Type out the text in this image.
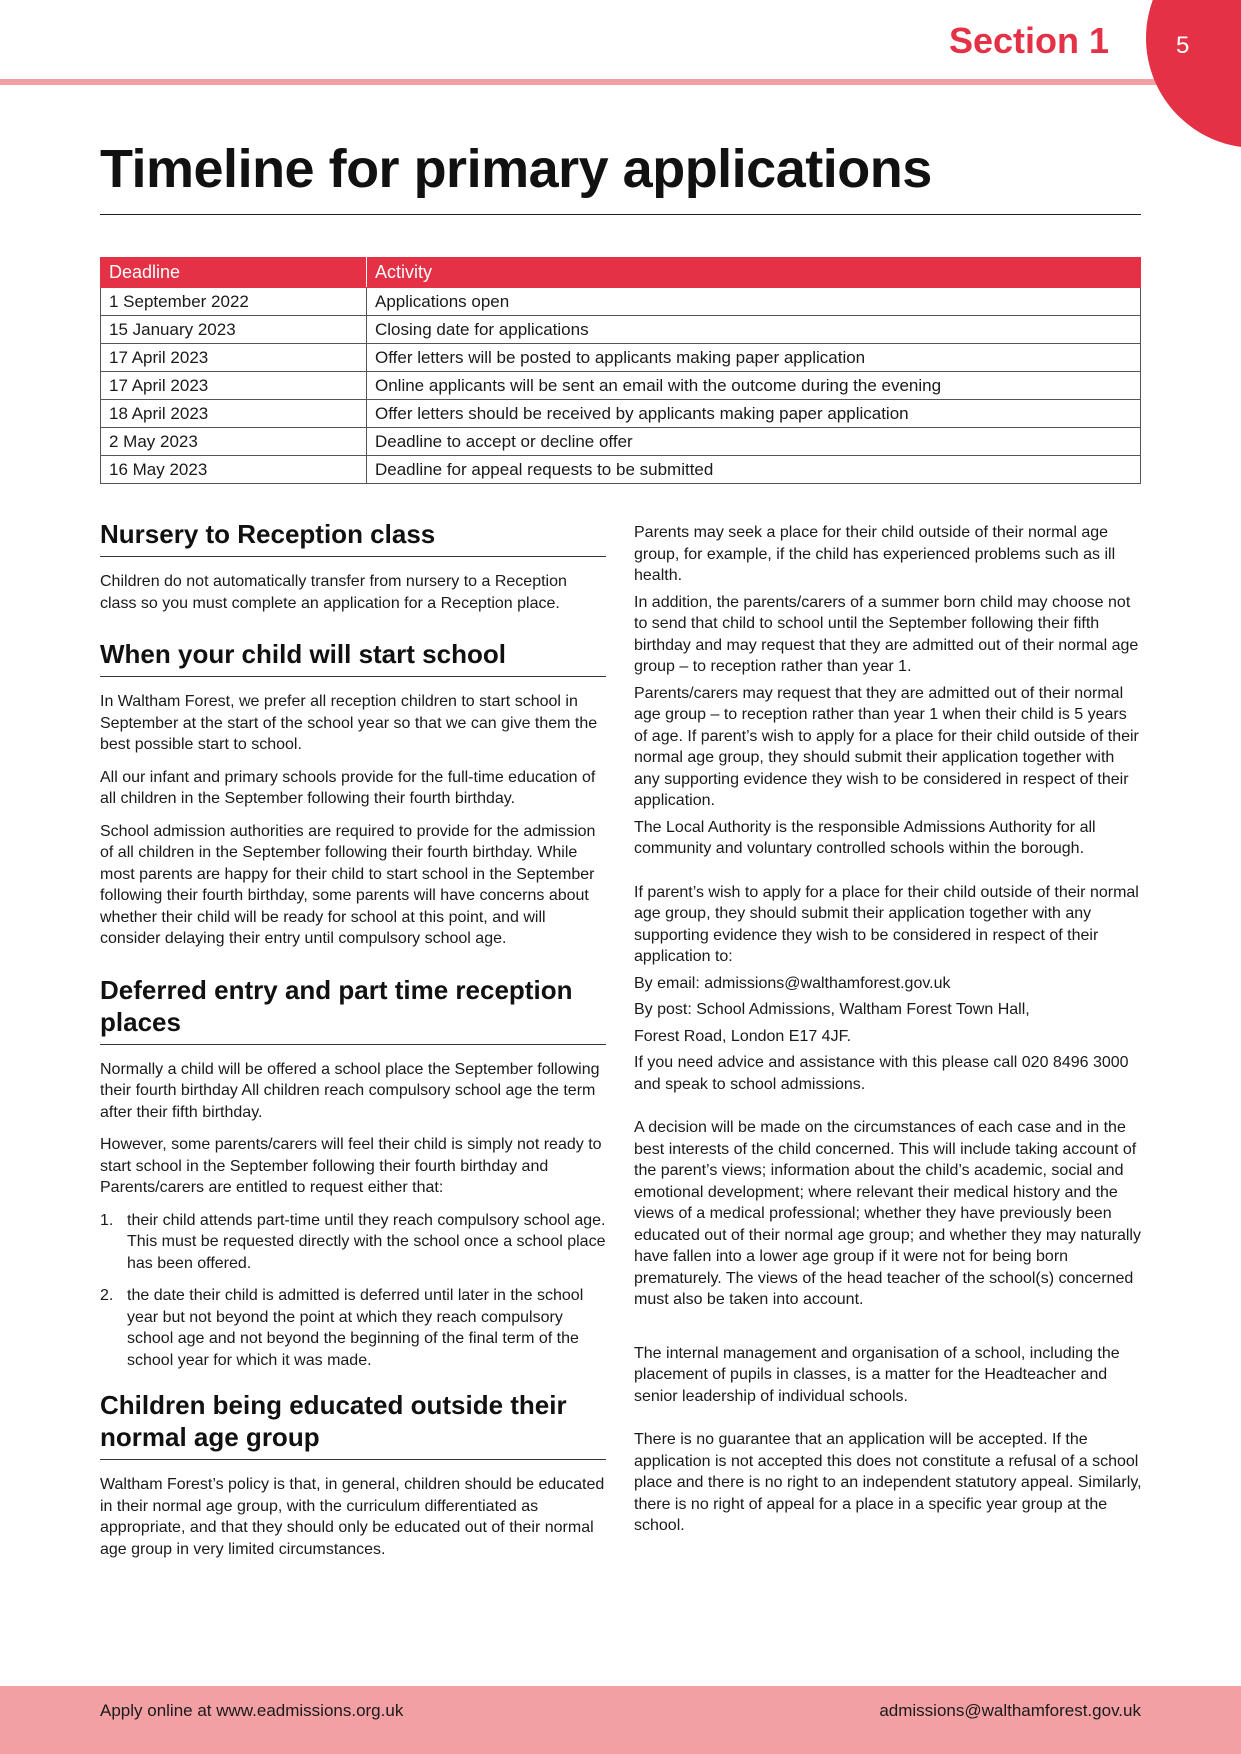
Section 1	5
Timeline for primary applications
Deadline	Activity
1 September 2022	Applications open
15 January 2023	Closing date for applications
17 April 2023	Offer letters will be posted to applicants making paper application
17 April 2023	Online applicants will be sent an email with the outcome during the evening
18 April 2023	Offer letters should be received by applicants making paper application
2 May 2023	Deadline to accept or decline offer
16 May 2023	Deadline for appeal requests to be submitted
Nursery to Reception class

Children do not automatically transfer from nursery to a Reception class so you must complete an application for a Reception place.

When your child will start school

In Waltham Forest, we prefer all reception children to start school in September at the start of the school year so that we can give them the best possible start to school.

All our infant and primary schools provide for the full-time education of all children in the September following their fourth birthday.

School admission authorities are required to provide for the admission of all children in the September following their fourth birthday. While most parents are happy for their child to start school in the September following their fourth birthday, some parents will have concerns about whether their child will be ready for school at this point, and will consider delaying their entry until compulsory school age.

Deferred entry and part time reception places

Normally a child will be offered a school place the September following their fourth birthday All children reach compulsory school age the term after their fifth birthday.

However, some parents/carers will feel their child is simply not ready to start school in the September following their fourth birthday and Parents/carers are entitled to request either that:

1. their child attends part-time until they reach compulsory school age. This must be requested directly with the school once a school place has been offered.
2. the date their child is admitted is deferred until later in the school year but not beyond the point at which they reach compulsory school age and not beyond the beginning of the final term of the school year for which it was made.
Children being educated outside their normal age group

Waltham Forest’s policy is that, in general, children should be educated in their normal age group, with the curriculum differentiated as appropriate, and that they should only be educated out of their normal age group in very limited circumstances.

Parents may seek a place for their child outside of their normal age group, for example, if the child has experienced problems such as ill health.

In addition, the parents/carers of a summer born child may choose not to send that child to school until the September following their fifth birthday and may request that they are admitted out of their normal age group – to reception rather than year 1.

Parents/carers may request that they are admitted out of their normal age group – to reception rather than year 1 when their child is 5 years of age. If parent’s wish to apply for a place for their child outside of their normal age group, they should submit their application together with any supporting evidence they wish to be considered in respect of their application.

The Local Authority is the responsible Admissions Authority for all community and voluntary controlled schools within the borough.

If parent’s wish to apply for a place for their child outside of their normal age group, they should submit their application together with any supporting evidence they wish to be considered in respect of their application to:

By email: admissions@walthamforest.gov.uk

By post: School Admissions, Waltham Forest Town Hall,

Forest Road, London E17 4JF.

If you need advice and assistance with this please call 020 8496 3000 and speak to school admissions.

A decision will be made on the circumstances of each case and in the best interests of the child concerned. This will include taking account of the parent’s views; information about the child’s academic, social and emotional development; where relevant their medical history and the views of a medical professional; whether they have previously been educated out of their normal age group; and whether they may naturally have fallen into a lower age group if it were not for being born prematurely. The views of the head teacher of the school(s) concerned must also be taken into account.

The internal management and organisation of a school, including the placement of pupils in classes, is a matter for the Headteacher and senior leadership of individual schools.

There is no guarantee that an application will be accepted. If the application is not accepted this does not constitute a refusal of a school place and there is no right to an independent statutory appeal. Similarly, there is no right of appeal for a place in a specific year group at the school.

Apply online at www.eadmissions.org.uk	admissions@walthamforest.gov.uk
